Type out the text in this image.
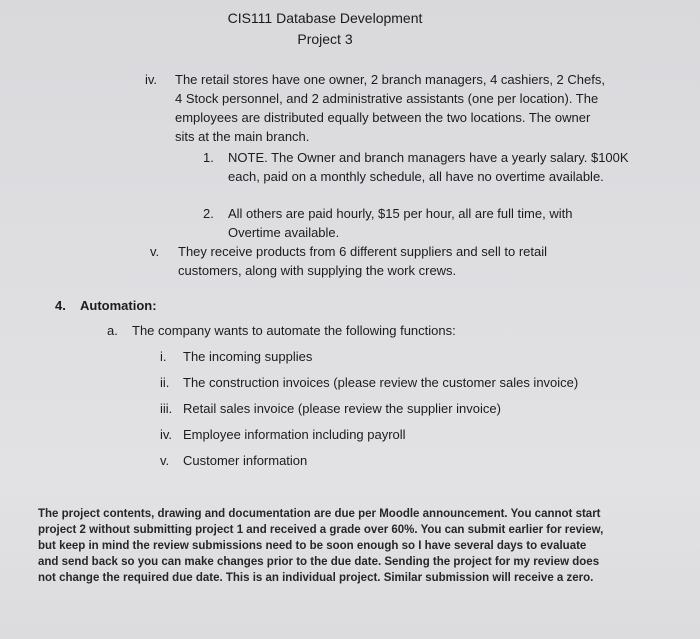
CIS111 Database Development
Project 3
iv. The retail stores have one owner, 2 branch managers, 4 cashiers, 2 Chefs, 4 Stock personnel, and 2 administrative assistants (one per location). The employees are distributed equally between the two locations. The owner sits at the main branch.
1. NOTE. The Owner and branch managers have a yearly salary. $100K each, paid on a monthly schedule, all have no overtime available.
2. All others are paid hourly, $15 per hour, all are full time, with Overtime available.
v. They receive products from 6 different suppliers and sell to retail customers, along with supplying the work crews.
4. Automation:
a. The company wants to automate the following functions:
i. The incoming supplies
ii. The construction invoices (please review the customer sales invoice)
iii. Retail sales invoice (please review the supplier invoice)
iv. Employee information including payroll
v. Customer information
The project contents, drawing and documentation are due per Moodle announcement. You cannot start project 2 without submitting project 1 and received a grade over 60%. You can submit earlier for review, but keep in mind the review submissions need to be soon enough so I have several days to evaluate and send back so you can make changes prior to the due date. Sending the project for my review does not change the required due date. This is an individual project. Similar submission will receive a zero.
